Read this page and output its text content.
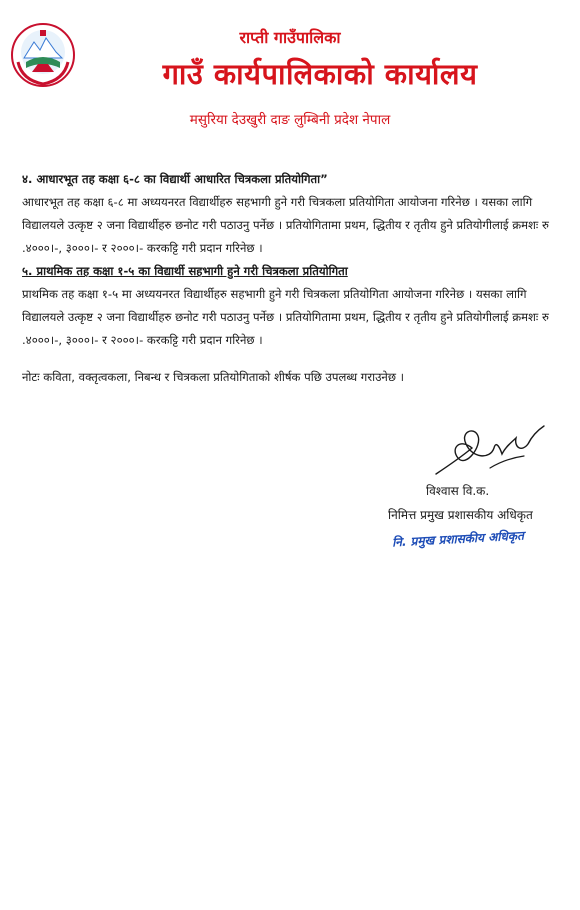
राप्ती गाउँपालिका
गाउँ कार्यपालिकाको कार्यालय
मसुरिया देउखुरी दाङ लुम्बिनी प्रदेश नेपाल
४. आधारभूत तह कक्षा ६-८ का विद्यार्थी आधारित चित्रकला प्रतियोगिता”

आधारभूत तह कक्षा ६-८ मा अध्ययनरत विद्यार्थीहरु सहभागी हुने गरी चित्रकला प्रतियोगिता आयोजना गरिनेछ । यसका लागि विद्यालयले उत्कृष्ट २ जना विद्यार्थीहरु छनोट गरी पठाउनु पर्नेछ । प्रतियोगितामा प्रथम, द्धितीय र तृतीय हुने प्रतियोगीलाई क्रमशः रु .४०००।-, ३०००।- र २०००।- करकट्टि गरी प्रदान गरिनेछ ।

५. प्राथमिक तह कक्षा १-५ का विद्यार्थी सहभागी हुने गरी चित्रकला प्रतियोगिता

प्राथमिक तह कक्षा १-५ मा अध्ययनरत विद्यार्थीहरु सहभागी हुने गरी चित्रकला प्रतियोगिता आयोजना गरिनेछ । यसका लागि विद्यालयले उत्कृष्ट २ जना विद्यार्थीहरु छनोट गरी पठाउनु पर्नेछ । प्रतियोगितामा प्रथम, द्धितीय र तृतीय हुने प्रतियोगीलाई क्रमशः रु .४०००।-, ३०००।- र २०००।- करकट्टि गरी प्रदान गरिनेछ ।

नोटः कविता, वक्तृत्वकला, निबन्ध र चित्रकला प्रतियोगिताको शीर्षक पछि उपलब्ध गराउनेछ ।

विश्वास वि.क.
निमित्त प्रमुख प्रशासकीय अधिकृत
नि. प्रमुख प्रशासकीय अधिकृत
